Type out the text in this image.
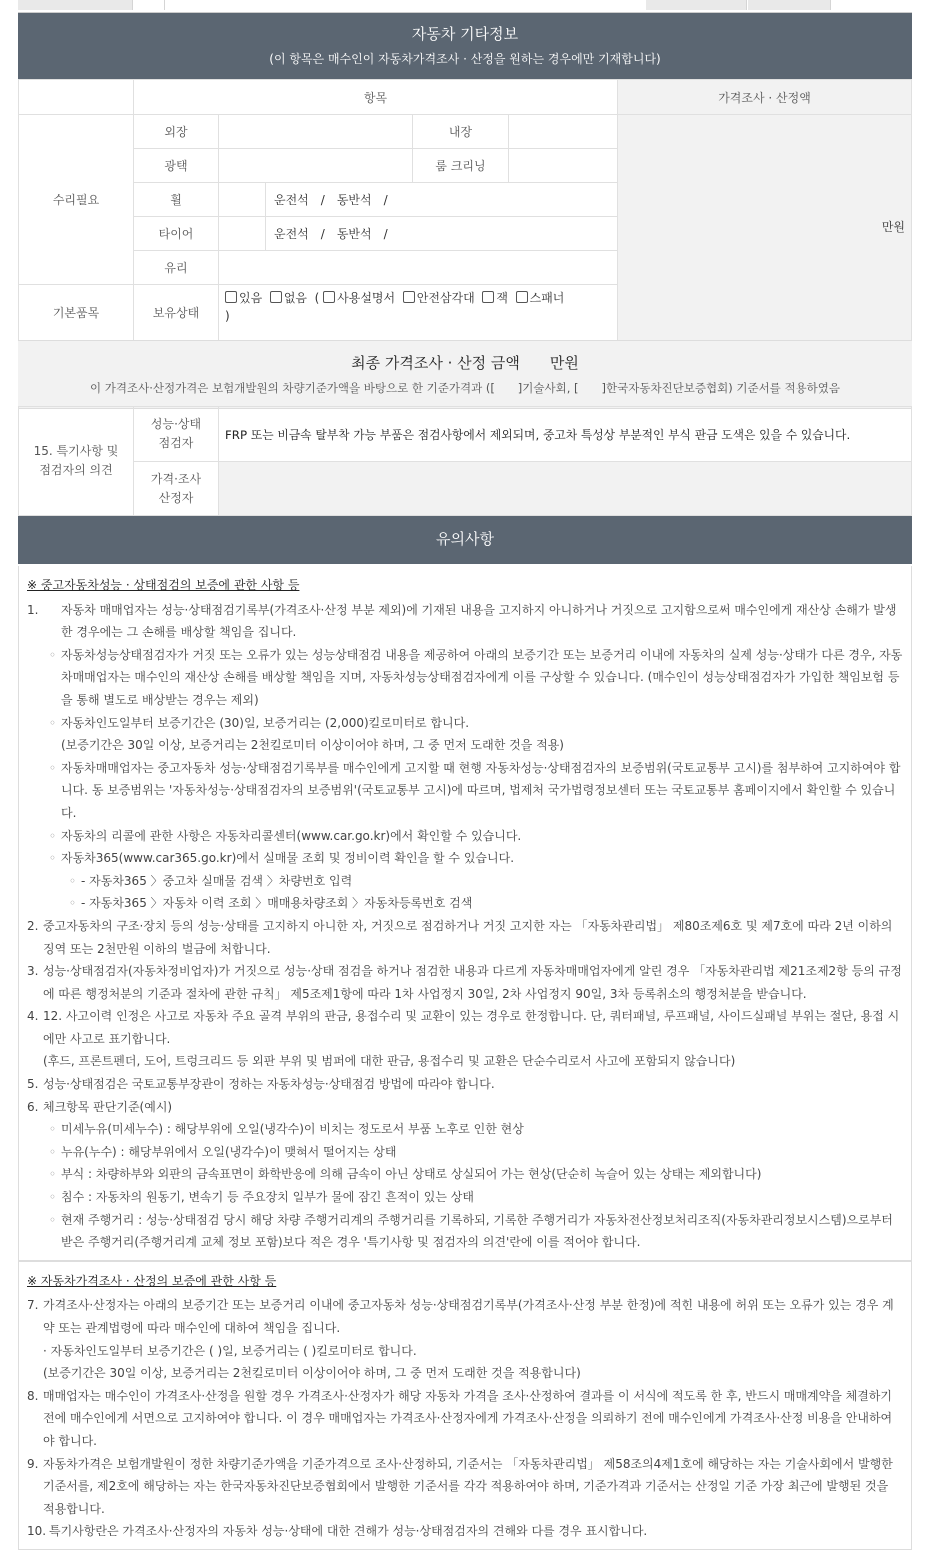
자동차 기타정보
(이 항목은 매수인이 자동차가격조사 · 산정을 원하는 경우에만 기재합니다)
항목	가격조사 · 산정액
수리필요
외장	내장
광택	룸 크리닝
휠	운전석　/　동반석　/
타이어	운전석　/　동반석　/
유리
만원
기본품목	보유상태
있음 없음 ( 사용설명서 안전삼각대 잭 스패너
)
최종 가격조사 · 산정 금액　　만원
이 가격조사·산정가격은 보험개발원의 차량기준가액을 바탕으로 한 기준가격과 ([　　]기술사회, [　　]한국자동차진단보증협회) 기준서를 적용하였음
15. 특기사항 및 점검자의 의견
성능·상태 점검자
FRP 또는 비금속 탈부착 가능 부품은 점검사항에서 제외되며, 중고차 특성상 부분적인 부식 판금 도색은 있을 수 있습니다.
가격·조사 산정자
유의사항
※ 중고자동차성능 · 상태점검의 보증에 관한 사항 등
1.
◦	자동차 매매업자는 성능·상태점검기록부(가격조사·산정 부분 제외)에 기재된 내용을 고지하지 아니하거나 거짓으로 고지함으로써 매수인에게 재산상 손해가 발생한 경우에는 그 손해를 배상할 책임을 집니다.
◦ 자동차성능상태점검자가 거짓 또는 오류가 있는 성능상태점검 내용을 제공하여 아래의 보증기간 또는 보증거리 이내에 자동차의 실제 성능·상태가 다른 경우, 자동차매매업자는 매수인의 재산상 손해를 배상할 책임을 지며, 자동차성능상태점검자에게 이를 구상할 수 있습니다. (매수인이 성능상태점검자가 가입한 책임보험 등을 통해 별도로 배상받는 경우는 제외)
◦ 자동차인도일부터 보증기간은 (30)일, 보증거리는 (2,000)킬로미터로 합니다.
(보증기간은 30일 이상, 보증거리는 2천킬로미터 이상이어야 하며, 그 중 먼저 도래한 것을 적용)
◦ 자동차매매업자는 중고자동차 성능·상태점검기록부를 매수인에게 고지할 때 현행 자동차성능·상태점검자의 보증범위(국토교통부 고시)를 첨부하여 고지하여야 합니다. 동 보증범위는 '자동차성능·상태점검자의 보증범위'(국토교통부 고시)에 따르며, 법제처 국가법령정보센터 또는 국토교통부 홈페이지에서 확인할 수 있습니다.
◦ 자동차의 리콜에 관한 사항은 자동차리콜센터(www.car.go.kr)에서 확인할 수 있습니다.
◦ 자동차365(www.car365.go.kr)에서 실매물 조회 및 정비이력 확인을 할 수 있습니다.
◦ - 자동차365 〉중고차 실매물 검색 〉차량번호 입력
◦ - 자동차365 〉자동차 이력 조회 〉매매용차량조회 〉자동차등록번호 검색
2. 중고자동차의 구조·장치 등의 성능·상태를 고지하지 아니한 자, 거짓으로 점검하거나 거짓 고지한 자는 「자동차관리법」 제80조제6호 및 제7호에 따라 2년 이하의 징역 또는 2천만원 이하의 벌금에 처합니다.
3. 성능·상태점검자(자동차정비업자)가 거짓으로 성능·상태 점검을 하거나 점검한 내용과 다르게 자동차매매업자에게 알린 경우 「자동차관리법 제21조제2항 등의 규정에 따른 행정처분의 기준과 절차에 관한 규칙」 제5조제1항에 따라 1차 사업정지 30일, 2차 사업정지 90일, 3차 등록취소의 행정처분을 받습니다.
4. 12. 사고이력 인정은 사고로 자동차 주요 골격 부위의 판금, 용접수리 및 교환이 있는 경우로 한정합니다. 단, 쿼터패널, 루프패널, 사이드실패널 부위는 절단, 용접 시에만 사고로 표기합니다.
(후드, 프론트펜더, 도어, 트렁크리드 등 외판 부위 및 범퍼에 대한 판금, 용접수리 및 교환은 단순수리로서 사고에 포함되지 않습니다)
5. 성능·상태점검은 국토교통부장관이 정하는 자동차성능·상태점검 방법에 따라야 합니다.
6. 체크항목 판단기준(예시)
◦ 미세누유(미세누수) : 해당부위에 오일(냉각수)이 비치는 정도로서 부품 노후로 인한 현상
◦ 누유(누수) : 해당부위에서 오일(냉각수)이 맺혀서 떨어지는 상태
◦ 부식 : 차량하부와 외판의 금속표면이 화학반응에 의해 금속이 아닌 상태로 상실되어 가는 현상(단순히 녹슬어 있는 상태는 제외합니다)
◦ 침수 : 자동차의 원동기, 변속기 등 주요장치 일부가 물에 잠긴 흔적이 있는 상태
◦ 현재 주행거리 : 성능·상태점검 당시 해당 차량 주행거리계의 주행거리를 기록하되, 기록한 주행거리가 자동차전산정보처리조직(자동차관리정보시스템)으로부터 받은 주행거리(주행거리계 교체 정보 포함)보다 적은 경우 '특기사항 및 점검자의 의견'란에 이를 적어야 합니다.
※ 자동차가격조사 · 산정의 보증에 관한 사항 등
7. 가격조사·산정자는 아래의 보증기간 또는 보증거리 이내에 중고자동차 성능·상태점검기록부(가격조사·산정 부분 한정)에 적힌 내용에 허위 또는 오류가 있는 경우 계약 또는 관계법령에 따라 매수인에 대하여 책임을 집니다.
· 자동차인도일부터 보증기간은 ( )일, 보증거리는 ( )킬로미터로 합니다.
(보증기간은 30일 이상, 보증거리는 2천킬로미터 이상이어야 하며, 그 중 먼저 도래한 것을 적용합니다)
8. 매매업자는 매수인이 가격조사·산정을 원할 경우 가격조사·산정자가 해당 자동차 가격을 조사·산정하여 결과를 이 서식에 적도록 한 후, 반드시 매매계약을 체결하기 전에 매수인에게 서면으로 고지하여야 합니다. 이 경우 매매업자는 가격조사·산정자에게 가격조사·산정을 의뢰하기 전에 매수인에게 가격조사·산정 비용을 안내하여야 합니다.
9. 자동차가격은 보험개발원이 정한 차량기준가액을 기준가격으로 조사·산정하되, 기준서는 「자동차관리법」 제58조의4제1호에 해당하는 자는 기술사회에서 발행한 기준서를, 제2호에 해당하는 자는 한국자동차진단보증협회에서 발행한 기준서를 각각 적용하여야 하며, 기준가격과 기준서는 산정일 기준 가장 최근에 발행된 것을 적용합니다.
10. 특기사항란은 가격조사·산정자의 자동차 성능·상태에 대한 견해가 성능·상태점검자의 견해와 다를 경우 표시합니다.
